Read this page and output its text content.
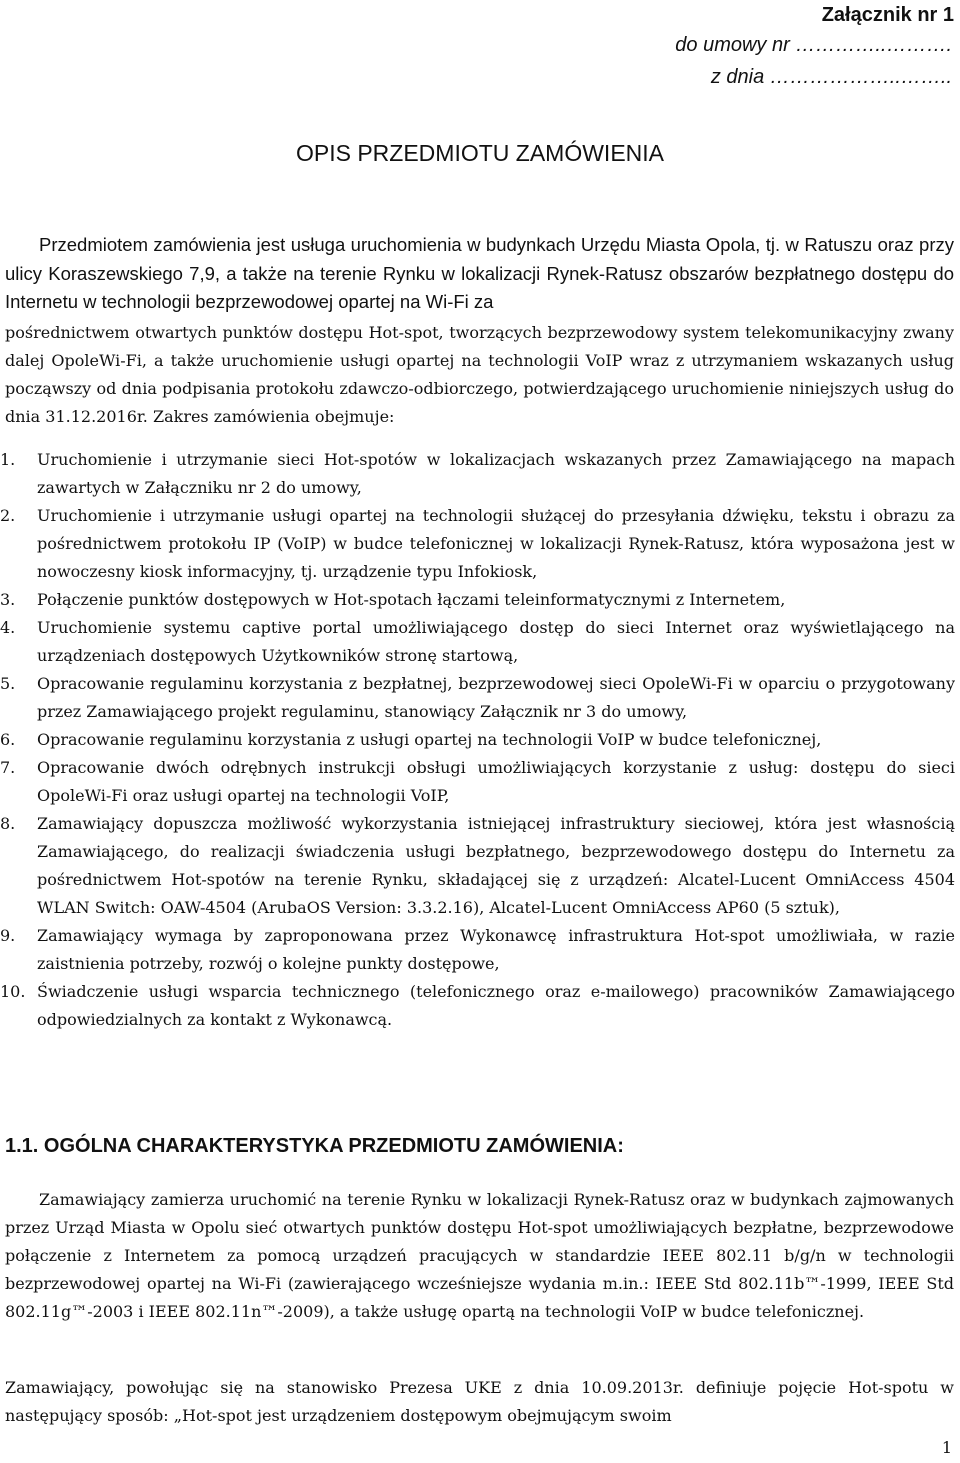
Załącznik nr 1
do umowy nr …………..……….
z dnia ………………..……..
OPIS PRZEDMIOTU ZAMÓWIENIA
Przedmiotem zamówienia jest usługa uruchomienia w budynkach Urzędu Miasta Opola, tj. w Ratuszu oraz przy ulicy Koraszewskiego 7,9, a także na terenie Rynku w lokalizacji Rynek-Ratusz obszarów bezpłatnego dostępu do Internetu w technologii bezprzewodowej opartej na Wi-Fi za
pośrednictwem otwartych punktów dostępu Hot-spot, tworzących bezprzewodowy system telekomunikacyjny zwany dalej OpoleWi-Fi, a także uruchomienie usługi opartej na technologii VoIP wraz z utrzymaniem wskazanych usług począwszy od dnia podpisania protokołu zdawczo-odbiorczego, potwierdzającego uruchomienie niniejszych usług do dnia 31.12.2016r. Zakres zamówienia obejmuje:
1. Uruchomienie i utrzymanie sieci Hot-spotów w lokalizacjach wskazanych przez Zamawiającego na mapach zawartych w Załączniku nr 2 do umowy,
2. Uruchomienie i utrzymanie usługi opartej na technologii służącej do przesyłania dźwięku, tekstu i obrazu za pośrednictwem protokołu IP (VoIP) w budce telefonicznej w lokalizacji Rynek-Ratusz, która wyposażona jest w nowoczesny kiosk informacyjny, tj. urządzenie typu Infokiosk,
3. Połączenie punktów dostępowych w Hot-spotach łączami teleinformatycznymi z Internetem,
4. Uruchomienie systemu captive portal umożliwiającego dostęp do sieci Internet oraz wyświetlającego na urządzeniach dostępowych Użytkowników stronę startową,
5. Opracowanie regulaminu korzystania z bezpłatnej, bezprzewodowej sieci OpoleWi-Fi w oparciu o przygotowany przez Zamawiającego projekt regulaminu, stanowiący Załącznik nr 3 do umowy,
6. Opracowanie regulaminu korzystania z usługi opartej na technologii VoIP w budce telefonicznej,
7. Opracowanie dwóch odrębnych instrukcji obsługi umożliwiających korzystanie z usług: dostępu do sieci OpoleWi-Fi oraz usługi opartej na technologii VoIP,
8. Zamawiający dopuszcza możliwość wykorzystania istniejącej infrastruktury sieciowej, która jest własnością Zamawiającego, do realizacji świadczenia usługi bezpłatnego, bezprzewodowego dostępu do Internetu za pośrednictwem Hot-spotów na terenie Rynku, składającej się z urządzeń: Alcatel-Lucent OmniAccess 4504 WLAN Switch: OAW-4504 (ArubaOS Version: 3.3.2.16), Alcatel-Lucent OmniAccess AP60 (5 sztuk),
9. Zamawiający wymaga by zaproponowana przez Wykonawcę infrastruktura Hot-spot umożliwiała, w razie zaistnienia potrzeby, rozwój o kolejne punkty dostępowe,
10. Świadczenie usługi wsparcia technicznego (telefonicznego oraz e-mailowego) pracowników Zamawiającego odpowiedzialnych za kontakt z Wykonawcą.
1.1. OGÓLNA CHARAKTERYSTYKA PRZEDMIOTU ZAMÓWIENIA:
Zamawiający zamierza uruchomić na terenie Rynku w lokalizacji Rynek-Ratusz oraz w budynkach zajmowanych przez Urząd Miasta w Opolu sieć otwartych punktów dostępu Hot-spot umożliwiających bezpłatne, bezprzewodowe połączenie z Internetem za pomocą urządzeń pracujących w standardzie IEEE 802.11 b/g/n w technologii bezprzewodowej opartej na Wi-Fi (zawierającego wcześniejsze wydania m.in.: IEEE Std 802.11b™-1999, IEEE Std 802.11g™-2003 i IEEE 802.11n™-2009), a także usługę opartą na technologii VoIP w budce telefonicznej.
Zamawiający, powołując się na stanowisko Prezesa UKE z dnia 10.09.2013r. definiuje pojęcie Hot-spotu w następujący sposób: „Hot-spot jest urządzeniem dostępowym obejmującym swoim
1
